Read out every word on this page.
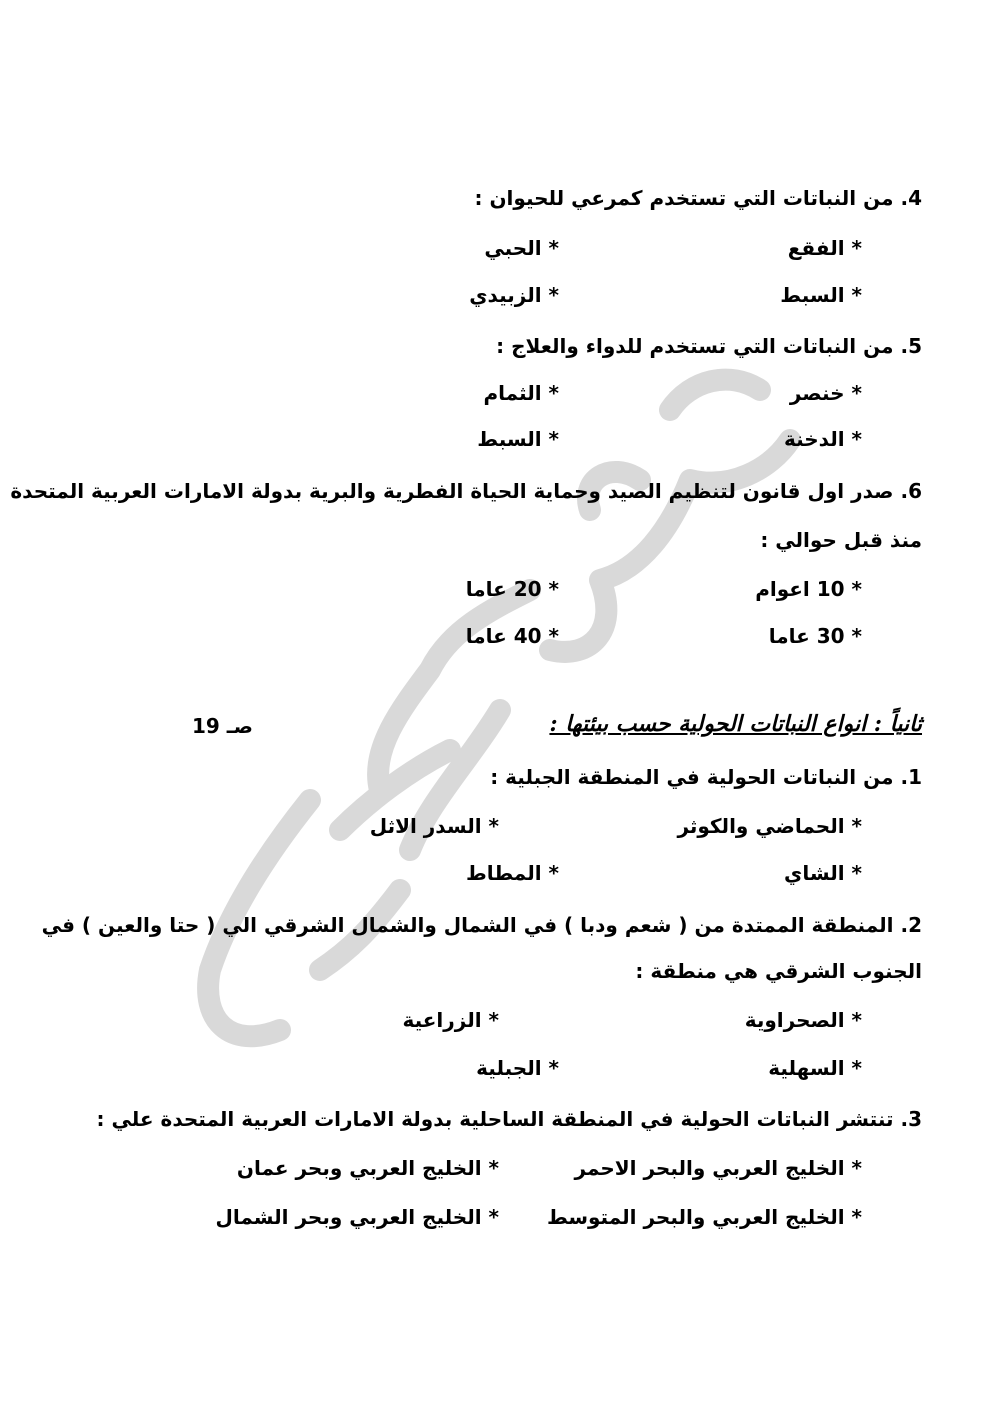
4. من النباتات التي تستخدم كمرعي للحيوان :
* الفقع
* الحبي
* السبط
* الزبيدي
5. من النباتات التي تستخدم للدواء والعلاج :
* خنصر
* الثمام
* الدخنة
* السبط
6. صدر اول قانون لتنظيم الصيد وحماية الحياة الفطرية والبرية بدولة الامارات العربية المتحدة
منذ قبل حوالي :
* 10 اعوام
* 20 عاما
* 30 عاما
* 40 عاما
ثانياً : انواع النباتات الحولية حسب بيئتها :
صـ 19
1. من النباتات الحولية في المنطقة الجبلية :
* الحماضي والكوثر
* السدر الاثل
* الشاي
* المطاط
2. المنطقة الممتدة من ( شعم ودبا ) في الشمال والشمال الشرقي الي ( حتا والعين ) في
الجنوب الشرقي هي منطقة :
* الصحراوية
* الزراعية
* السهلية
* الجبلية
3. تنتشر النباتات الحولية في المنطقة الساحلية بدولة الامارات العربية المتحدة علي :
* الخليج العربي والبحر الاحمر
* الخليج العربي وبحر عمان
* الخليج العربي والبحر المتوسط
* الخليج العربي وبحر الشمال
